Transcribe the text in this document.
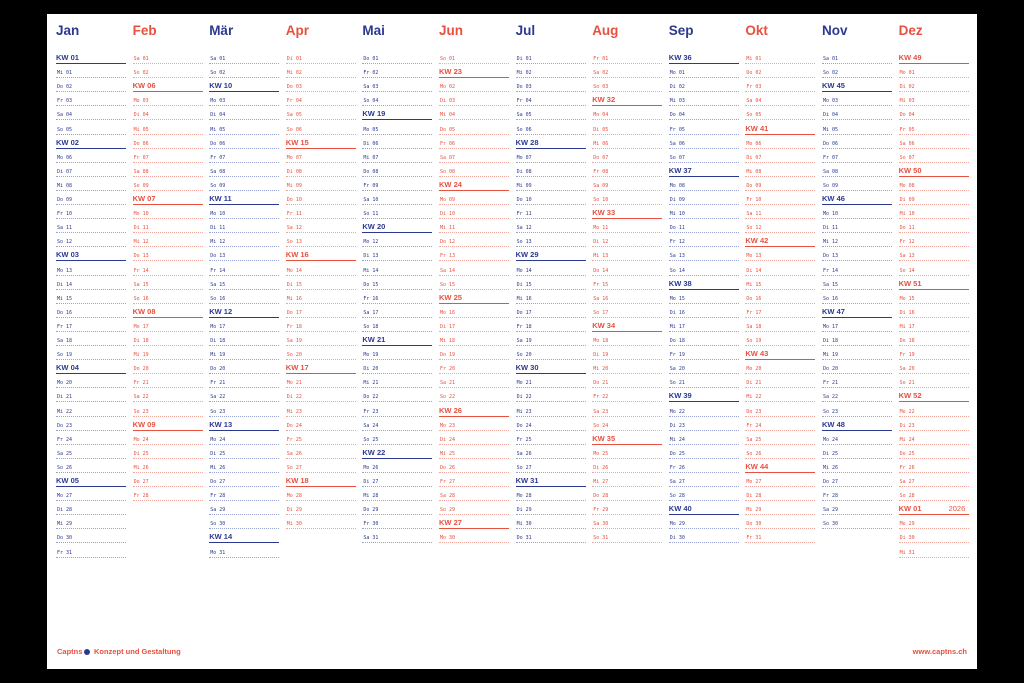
Jan
KW 01
Mi 01
Do 02
Fr 03
Sa 04
So 05
KW 02
Mo 06
Di 07
Mi 08
Do 09
Fr 10
Sa 11
So 12
KW 03
Mo 13
Di 14
Mi 15
Do 16
Fr 17
Sa 18
So 19
KW 04
Mo 20
Di 21
Mi 22
Do 23
Fr 24
Sa 25
So 26
KW 05
Mo 27
Di 28
Mi 29
Do 30
Fr 31
Feb
Sa 01
So 02
KW 06
Mo 03
Di 04
Mi 05
Do 06
Fr 07
Sa 08
So 09
KW 07
Mo 10
Di 11
Mi 12
Do 13
Fr 14
Sa 15
So 16
KW 08
Mo 17
Di 18
Mi 19
Do 20
Fr 21
Sa 22
So 23
KW 09
Mo 24
Di 25
Mi 26
Do 27
Fr 28
Mär
Sa 01
So 02
KW 10
Mo 03
Di 04
Mi 05
Do 06
Fr 07
Sa 08
So 09
KW 11
Mo 10
Di 11
Mi 12
Do 13
Fr 14
Sa 15
So 16
KW 12
Mo 17
Di 18
Mi 19
Do 20
Fr 21
Sa 22
So 23
KW 13
Mo 24
Di 25
Mi 26
Do 27
Fr 28
Sa 29
So 30
KW 14
Mo 31
Apr
Di 01
Mi 02
Do 03
Fr 04
Sa 05
So 06
KW 15
Mo 07
Di 08
Mi 09
Do 10
Fr 11
Sa 12
So 13
KW 16
Mo 14
Di 15
Mi 16
Do 17
Fr 18
Sa 19
So 20
KW 17
Mo 21
Di 22
Mi 23
Do 24
Fr 25
Sa 26
So 27
KW 18
Mo 28
Di 29
Mi 30
Mai
Do 01
Fr 02
Sa 03
So 04
KW 19
Mo 05
Di 06
Mi 07
Do 08
Fr 09
Sa 10
So 11
KW 20
Mo 12
Di 13
Mi 14
Do 15
Fr 16
Sa 17
So 18
KW 21
Mo 19
Di 20
Mi 21
Do 22
Fr 23
Sa 24
So 25
KW 22
Mo 26
Di 27
Mi 28
Do 29
Fr 30
Sa 31
Jun
So 01
KW 23
Mo 02
Di 03
Mi 04
Do 05
Fr 06
Sa 07
So 08
KW 24
Mo 09
Di 10
Mi 11
Do 12
Fr 13
Sa 14
So 15
KW 25
Mo 16
Di 17
Mi 18
Do 19
Fr 20
Sa 21
So 22
KW 26
Mo 23
Di 24
Mi 25
Do 26
Fr 27
Sa 28
So 29
KW 27
Mo 30
Jul
Di 01
Mi 02
Do 03
Fr 04
Sa 05
So 06
KW 28
Mo 07
Di 08
Mi 09
Do 10
Fr 11
Sa 12
So 13
KW 29
Mo 14
Di 15
Mi 16
Do 17
Fr 18
Sa 19
So 20
KW 30
Mo 21
Di 22
Mi 23
Do 24
Fr 25
Sa 26
So 27
KW 31
Mo 28
Di 29
Mi 30
Do 31
Aug
Fr 01
Sa 02
So 03
KW 32
Mo 04
Di 05
Mi 06
Do 07
Fr 08
Sa 09
So 10
KW 33
Mo 11
Di 12
Mi 13
Do 14
Fr 15
Sa 16
So 17
KW 34
Mo 18
Di 19
Mi 20
Do 21
Fr 22
Sa 23
So 24
KW 35
Mo 25
Di 26
Mi 27
Do 28
Fr 29
Sa 30
So 31
Sep
KW 36
Mo 01
Di 02
Mi 03
Do 04
Fr 05
Sa 06
So 07
KW 37
Mo 08
Di 09
Mi 10
Do 11
Fr 12
Sa 13
So 14
KW 38
Mo 15
Di 16
Mi 17
Do 18
Fr 19
Sa 20
So 21
KW 39
Mo 22
Di 23
Mi 24
Do 25
Fr 26
Sa 27
So 28
KW 40
Mo 29
Di 30
Okt
Mi 01
Do 02
Fr 03
Sa 04
So 05
KW 41
Mo 06
Di 07
Mi 08
Do 09
Fr 10
Sa 11
So 12
KW 42
Mo 13
Di 14
Mi 15
Do 16
Fr 17
Sa 18
So 19
KW 43
Mo 20
Di 21
Mi 22
Do 23
Fr 24
Sa 25
So 26
KW 44
Mo 27
Di 28
Mi 29
Do 30
Fr 31
Nov
Sa 01
So 02
KW 45
Mo 03
Di 04
Mi 05
Do 06
Fr 07
Sa 08
So 09
KW 46
Mo 10
Di 11
Mi 12
Do 13
Fr 14
Sa 15
So 16
KW 47
Mo 17
Di 18
Mi 19
Do 20
Fr 21
Sa 22
So 23
KW 48
Mo 24
Di 25
Mi 26
Do 27
Fr 28
Sa 29
So 30
Dez
KW 49
Mo 01
Di 02
Mi 03
Do 04
Fr 05
Sa 06
So 07
KW 50
Mo 08
Di 09
Mi 10
Do 11
Fr 12
Sa 13
So 14
KW 51
Mo 15
Di 16
Mi 17
Do 18
Fr 19
Sa 20
So 21
KW 52
Mo 22
Di 23
Mi 24
Do 25
Fr 26
Sa 27
So 28
KW 01
Mo 29
Di 30
Mi 31
2026
Captns Konzept und Gestaltung	www.captns.ch
